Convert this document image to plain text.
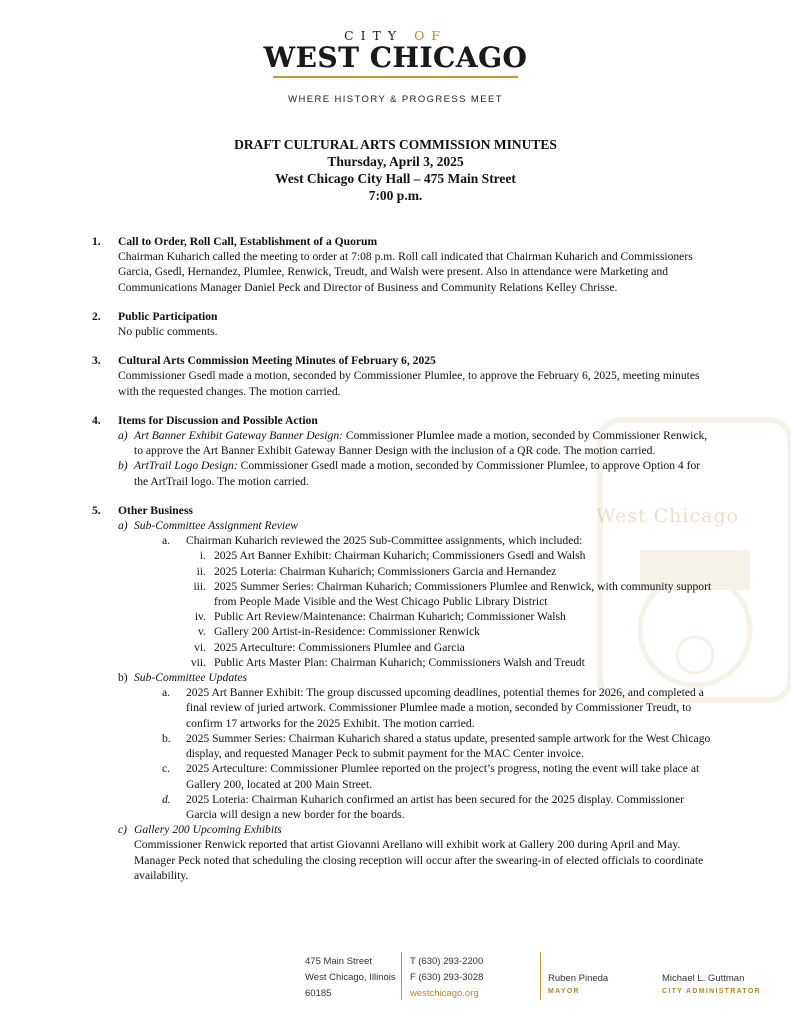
West Chicago
CITY OF
WEST CHICAGO
WHERE HISTORY & PROGRESS MEET
DRAFT CULTURAL ARTS COMMISSION MINUTES
Thursday, April 3, 2025
West Chicago City Hall – 475 Main Street
7:00 p.m.
1. Call to Order, Roll Call, Establishment of a Quorum
Chairman Kuharich called the meeting to order at 7:08 p.m. Roll call indicated that Chairman Kuharich and Commissioners Garcia, Gsedl, Hernandez, Plumlee, Renwick, Treudt, and Walsh were present. Also in attendance were Marketing and Communications Manager Daniel Peck and Director of Business and Community Relations Kelley Chrisse.
2. Public Participation
No public comments.
3. Cultural Arts Commission Meeting Minutes of February 6, 2025
Commissioner Gsedl made a motion, seconded by Commissioner Plumlee, to approve the February 6, 2025, meeting minutes with the requested changes. The motion carried.
4. Items for Discussion and Possible Action
a) Art Banner Exhibit Gateway Banner Design: Commissioner Plumlee made a motion, seconded by Commissioner Renwick, to approve the Art Banner Exhibit Gateway Banner Design with the inclusion of a QR code. The motion carried.
b) ArtTrail Logo Design: Commissioner Gsedl made a motion, seconded by Commissioner Plumlee, to approve Option 4 for the ArtTrail logo. The motion carried.
5. Other Business
a) Sub-Committee Assignment Review
a. Chairman Kuharich reviewed the 2025 Sub-Committee assignments, which included:
i. 2025 Art Banner Exhibit: Chairman Kuharich; Commissioners Gsedl and Walsh
ii. 2025 Loteria: Chairman Kuharich; Commissioners Garcia and Hernandez
iii. 2025 Summer Series: Chairman Kuharich; Commissioners Plumlee and Renwick, with community support from People Made Visible and the West Chicago Public Library District
iv. Public Art Review/Maintenance: Chairman Kuharich; Commissioner Walsh
v. Gallery 200 Artist-in-Residence: Commissioner Renwick
vi. 2025 Arteculture: Commissioners Plumlee and Garcia
vii. Public Arts Master Plan: Chairman Kuharich; Commissioners Walsh and Treudt
b) Sub-Committee Updates
a. 2025 Art Banner Exhibit: The group discussed upcoming deadlines, potential themes for 2026, and completed a final review of juried artwork. Commissioner Plumlee made a motion, seconded by Commissioner Treudt, to confirm 17 artworks for the 2025 Exhibit. The motion carried.
b. 2025 Summer Series: Chairman Kuharich shared a status update, presented sample artwork for the West Chicago display, and requested Manager Peck to submit payment for the MAC Center invoice.
c. 2025 Arteculture: Commissioner Plumlee reported on the project’s progress, noting the event will take place at Gallery 200, located at 200 Main Street.
d. 2025 Loteria: Chairman Kuharich confirmed an artist has been secured for the 2025 display. Commissioner Garcia will design a new border for the boards.
c) Gallery 200 Upcoming Exhibits
Commissioner Renwick reported that artist Giovanni Arellano will exhibit work at Gallery 200 during April and May. Manager Peck noted that scheduling the closing reception will occur after the swearing-in of elected officials to coordinate availability.
475 Main Street
West Chicago, Illinois
60185
T (630) 293-2200
F (630) 293-3028
westchicago.org
Ruben Pineda
MAYOR
Michael L. Guttman
CITY ADMINISTRATOR
